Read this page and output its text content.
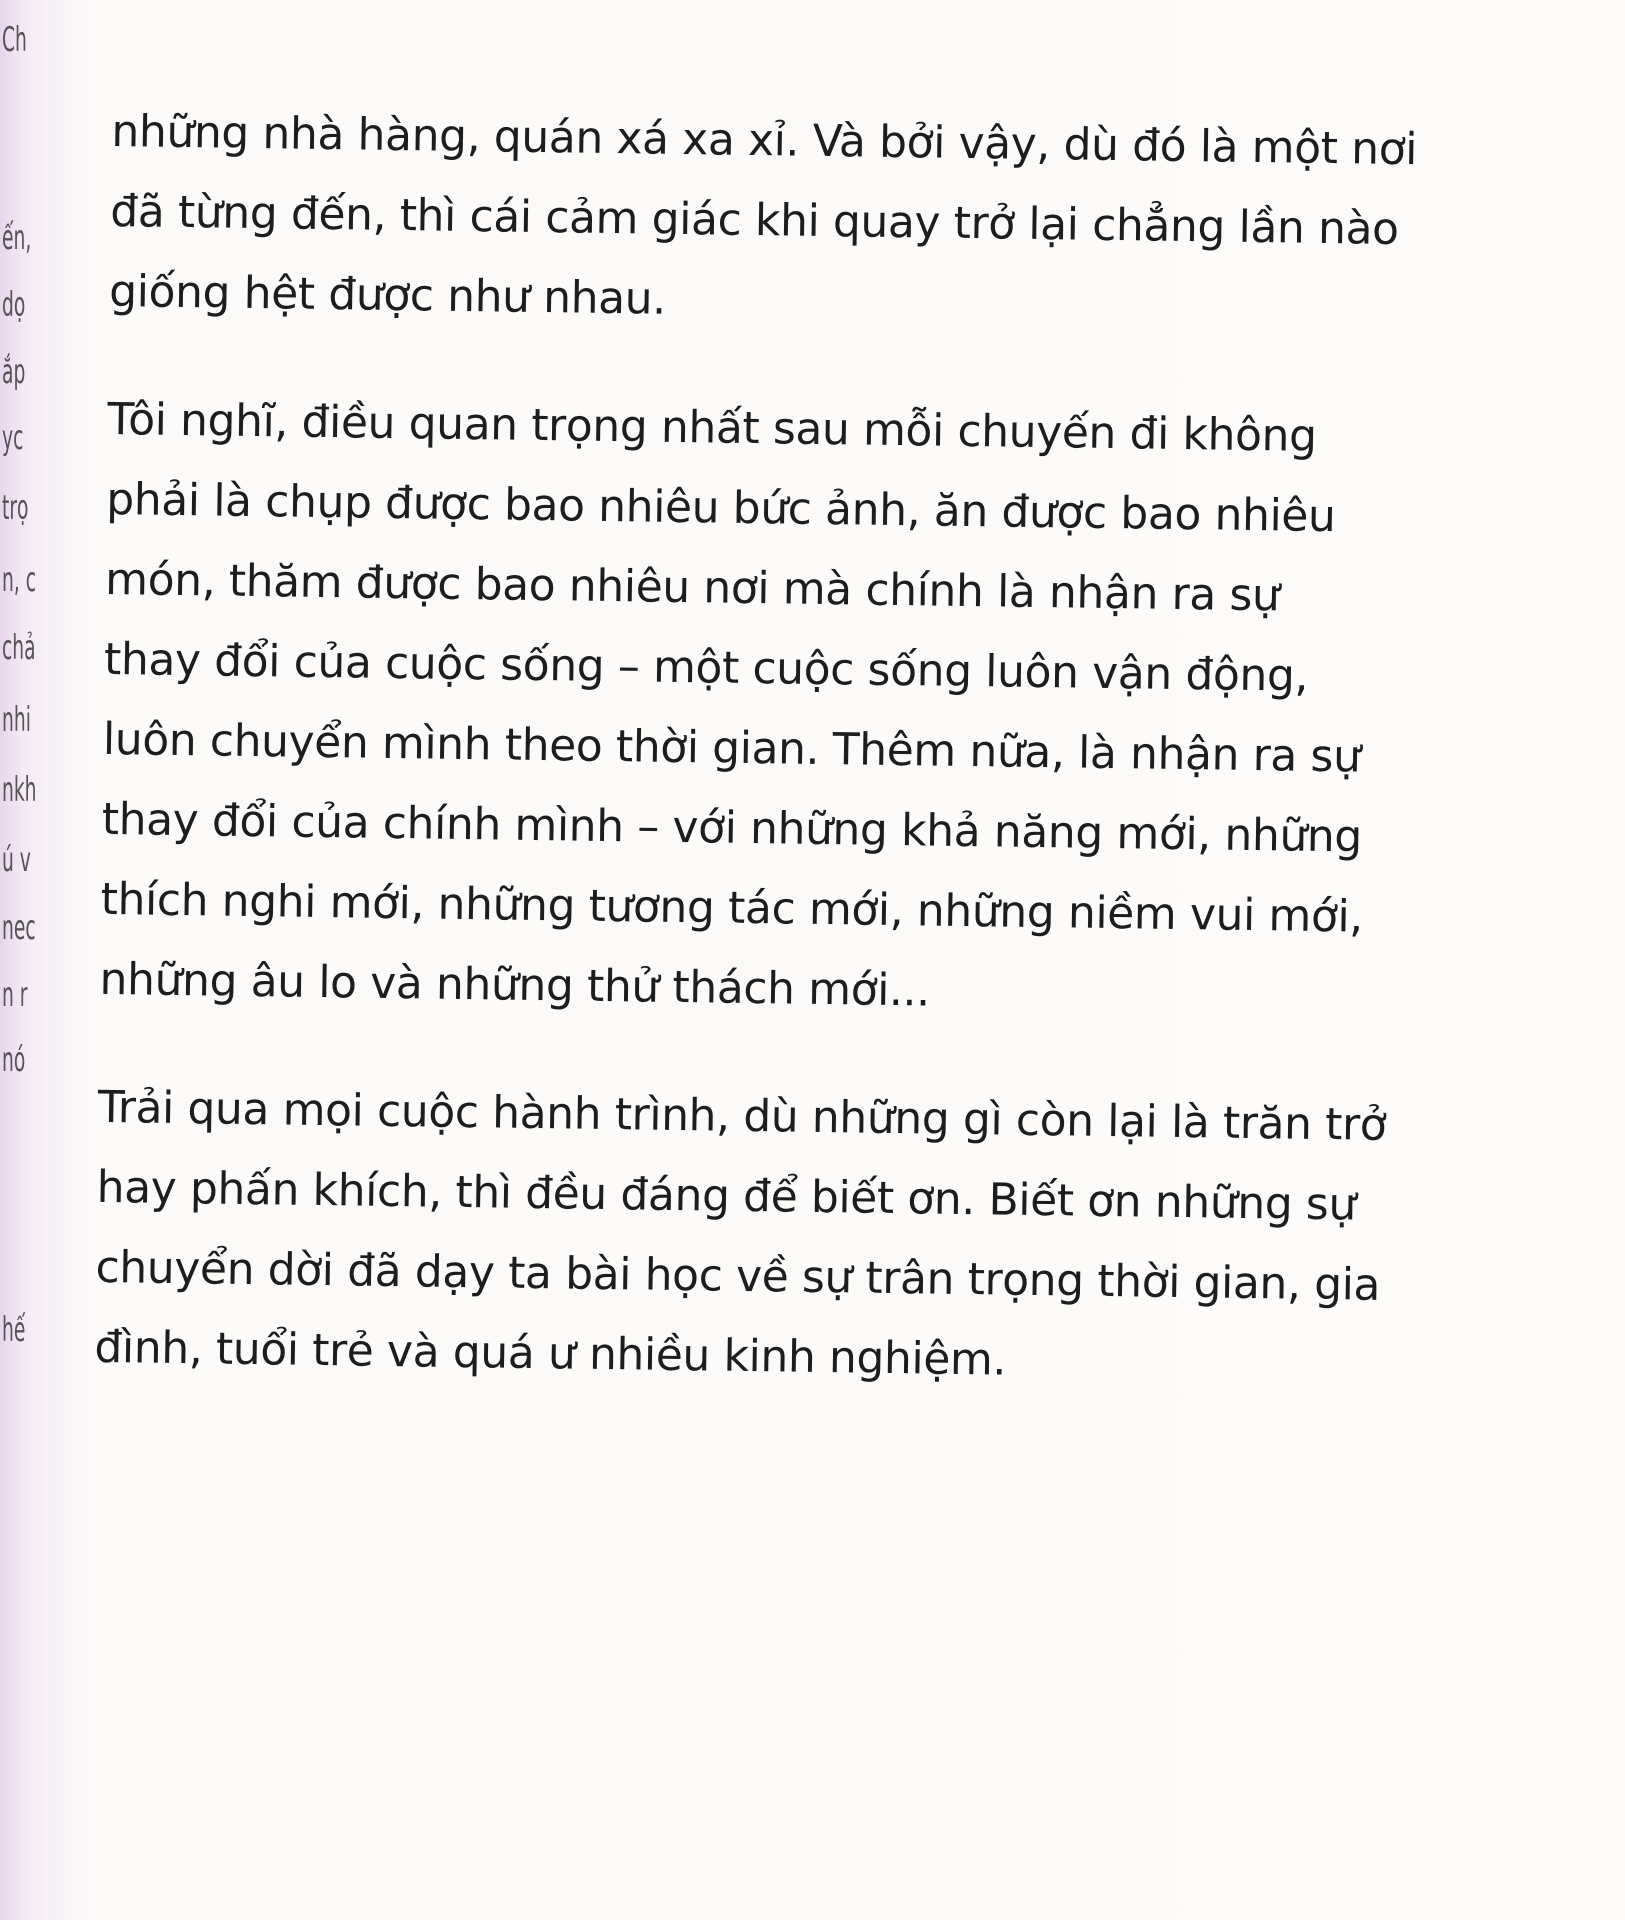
Ch
ến,
dọ
ắp
yc
trọ
n, c
chả
nhi
nkh
ú v
nec
n r
nó
hế
những nhà hàng, quán xá xa xỉ. Và bởi vậy, dù đó là một nơi
đã từng đến, thì cái cảm giác khi quay trở lại chẳng lần nào
giống hệt được như nhau.
Tôi nghĩ, điều quan trọng nhất sau mỗi chuyến đi không
phải là chụp được bao nhiêu bức ảnh, ăn được bao nhiêu
món, thăm được bao nhiêu nơi mà chính là nhận ra sự
thay đổi của cuộc sống – một cuộc sống luôn vận động,
luôn chuyển mình theo thời gian. Thêm nữa, là nhận ra sự
thay đổi của chính mình – với những khả năng mới, những
thích nghi mới, những tương tác mới, những niềm vui mới,
những âu lo và những thử thách mới...
Trải qua mọi cuộc hành trình, dù những gì còn lại là trăn trở
hay phấn khích, thì đều đáng để biết ơn. Biết ơn những sự
chuyển dời đã dạy ta bài học về sự trân trọng thời gian, gia
đình, tuổi trẻ và quá ư nhiều kinh nghiệm.
